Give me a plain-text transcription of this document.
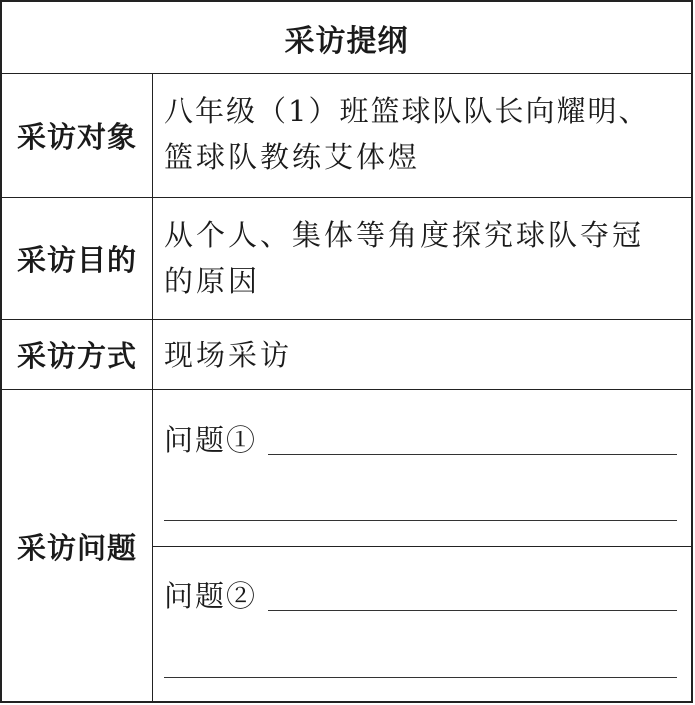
采访提纲
采访对象
八年级（1）班篮球队队长向耀明、
篮球队教练艾体煜
采访目的
从个人、集体等角度探究球队夺冠
的原因
采访方式 现场采访
采访问题
问题①
问题②
